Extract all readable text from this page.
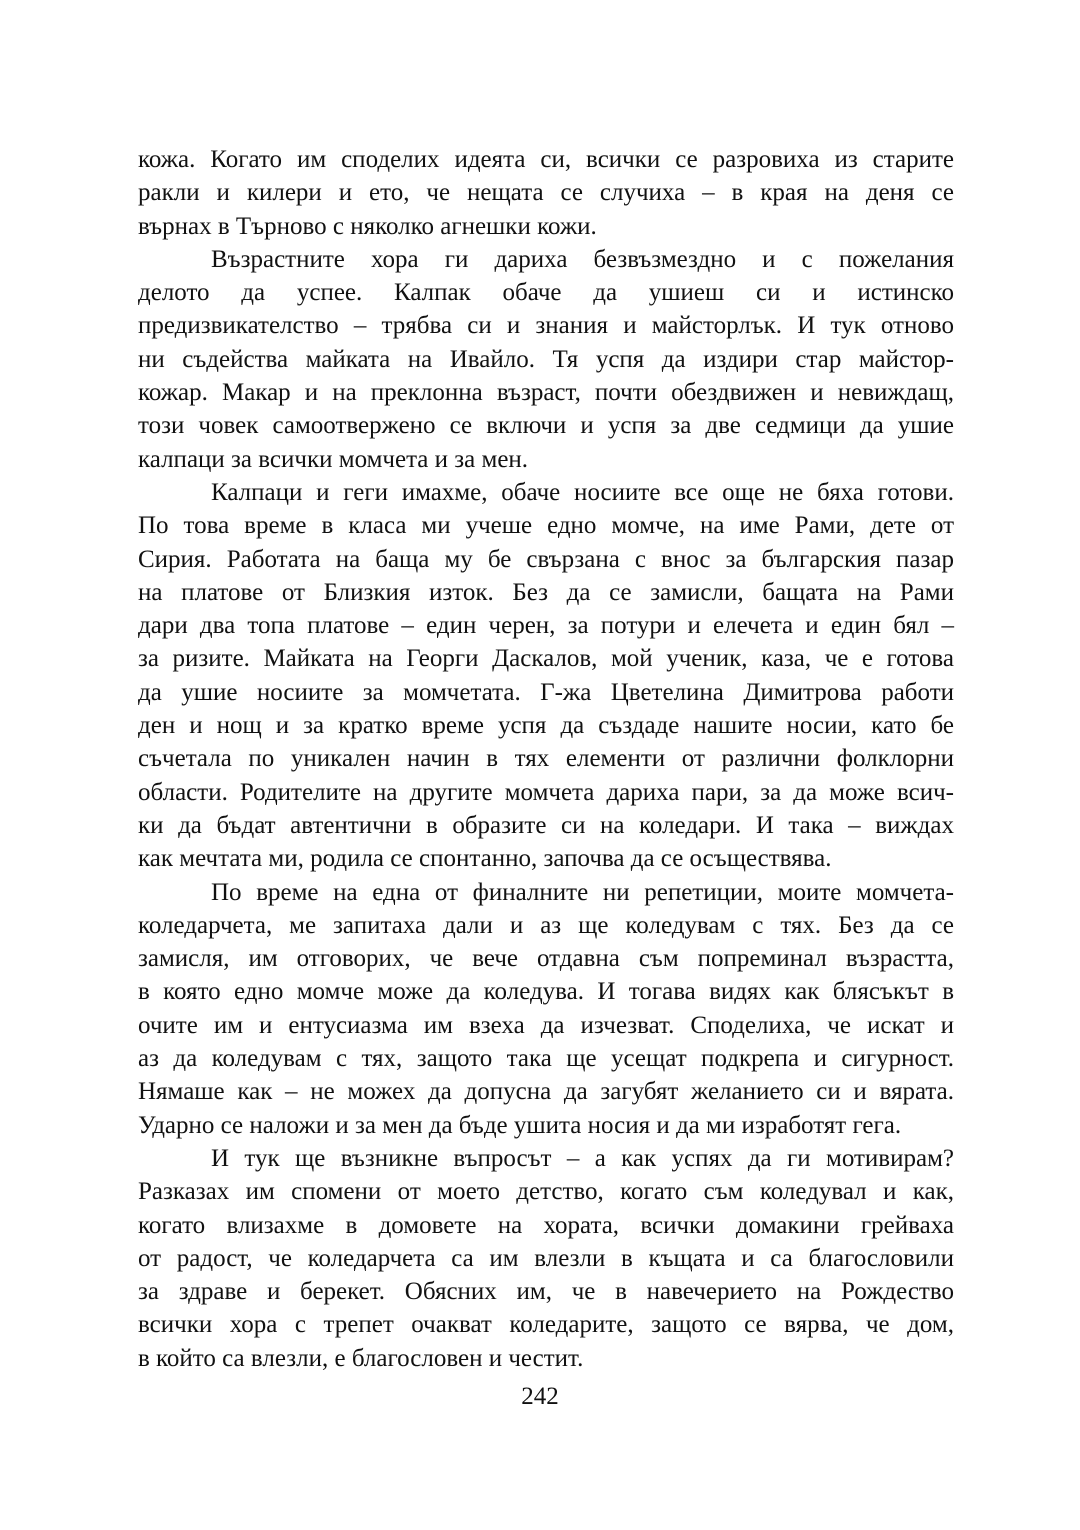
кожа. Когато им споделих идеята си, всички се разровиха из старите
ракли и килери и ето, че нещата се случиха – в края на деня се
върнах в Търново с няколко агнешки кожи.
Възрастните хора ги дариха безвъзмездно и с пожелания
делото да успее. Калпак обаче да ушиеш си и истинско
предизвикателство – трябва си и знания и майсторлък. И тук отново
ни съдейства майката на Ивайло. Тя успя да издири стар майстор-
кожар. Макар и на преклонна възраст, почти обездвижен и невиждащ,
този човек самоотвержено се включи и успя за две седмици да ушие
калпаци за всички момчета и за мен.
Калпаци и геги имахме, обаче носиите все още не бяха готови.
По това време в класа ми учеше едно момче, на име Рами, дете от
Сирия. Работата на баща му бе свързана с внос за българския пазар
на платове от Близкия изток. Без да се замисли, бащата на Рами
дари два топа платове – един черен, за потури и елечета и един бял –
за ризите. Майката на Георги Даскалов, мой ученик, каза, че е готова
да ушие носиите за момчетата. Г-жа Цветелина Димитрова работи
ден и нощ и за кратко време успя да създаде нашите носии, като бе
съчетала по уникален начин в тях елементи от различни фолклорни
области. Родителите на другите момчета дариха пари, за да може всич-
ки да бъдат автентични в образите си на коледари. И така – виждах
как мечтата ми, родила се спонтанно, започва да се осъществява.
По време на една от финалните ни репетиции, моите момчета-
коледарчета, ме запитаха дали и аз ще коледувам с тях. Без да се
замисля, им отговорих, че вече отдавна съм попреминал възрастта,
в която едно момче може да коледува. И тогава видях как блясъкът в
очите им и ентусиазма им взеха да изчезват. Споделиха, че искат и
аз да коледувам с тях, защото така ще усещат подкрепа и сигурност.
Нямаше как – не можех да допусна да загубят желанието си и вярата.
Ударно се наложи и за мен да бъде ушита носия и да ми изработят гега.
И тук ще възникне въпросът – а как успях да ги мотивирам?
Разказах им спомени от моето детство, когато съм коледувал и как,
когато влизахме в домовете на хората, всички домакини грейваха
от радост, че коледарчета са им влезли в къщата и са благословили
за здраве и берекет. Обясних им, че в навечерието на Рождество
всички хора с трепет очакват коледарите, защото се вярва, че дом,
в който са влезли, е благословен и честит.
242
